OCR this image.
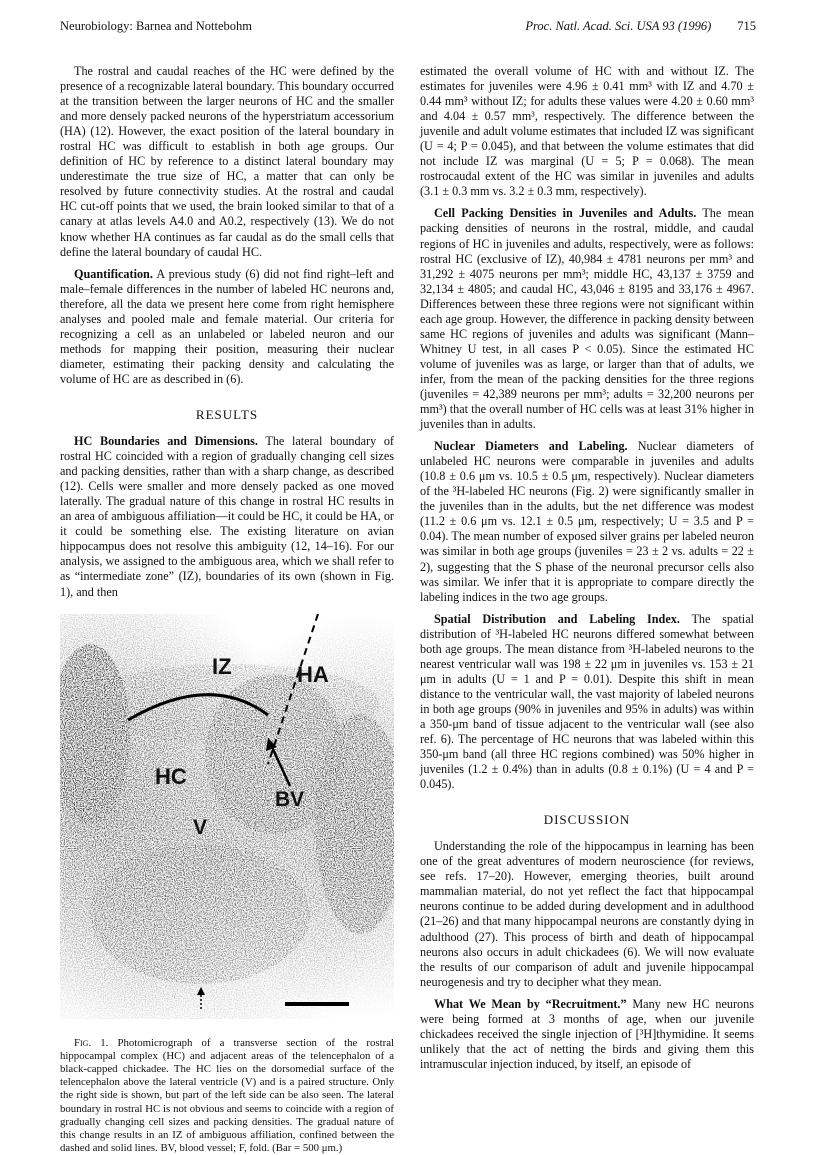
Neurobiology: Barnea and Nottebohm	Proc. Natl. Acad. Sci. USA 93 (1996) 715

The rostral and caudal reaches of the HC were defined by the presence of a recognizable lateral boundary. This boundary occurred at the transition between the larger neurons of HC and the smaller and more densely packed neurons of the hyperstriatum accessorium (HA) (12). However, the exact position of the lateral boundary in rostral HC was difficult to establish in both age groups. Our definition of HC by reference to a distinct lateral boundary may underestimate the true size of HC, a matter that can only be resolved by future connectivity studies. At the rostral and caudal HC cut-off points that we used, the brain looked similar to that of a canary at atlas levels A4.0 and A0.2, respectively (13). We do not know whether HA continues as far caudal as do the small cells that define the lateral boundary of caudal HC.

Quantification. A previous study (6) did not find right–left and male–female differences in the number of labeled HC neurons and, therefore, all the data we present here come from right hemisphere analyses and pooled male and female material. Our criteria for recognizing a cell as an unlabeled or labeled neuron and our methods for mapping their position, measuring their nuclear diameter, estimating their packing density and calculating the volume of HC are as described in (6).

RESULTS

HC Boundaries and Dimensions. The lateral boundary of rostral HC coincided with a region of gradually changing cell sizes and packing densities, rather than with a sharp change, as described (12). Cells were smaller and more densely packed as one moved laterally. The gradual nature of this change in rostral HC results in an area of ambiguous affiliation—it could be HC, it could be HA, or it could be something else. The existing literature on avian hippocampus does not resolve this ambiguity (12, 14–16). For our analysis, we assigned to the ambiguous area, which we shall refer to as “intermediate zone” (IZ), boundaries of its own (shown in Fig. 1), and then

IZ	HA
HC
BV
V

Fig. 1. Photomicrograph of a transverse section of the rostral hippocampal complex (HC) and adjacent areas of the telencephalon of a black-capped chickadee. The HC lies on the dorsomedial surface of the telencephalon above the lateral ventricle (V) and is a paired structure. Only the right side is shown, but part of the left side can be also seen. The lateral boundary in rostral HC is not obvious and seems to coincide with a region of gradually changing cell sizes and packing densities. The gradual nature of this change results in an IZ of ambiguous affiliation, confined between the dashed and solid lines. BV, blood vessel; F, fold. (Bar = 500 μm.)

estimated the overall volume of HC with and without IZ. The estimates for juveniles were 4.96 ± 0.41 mm³ with IZ and 4.70 ± 0.44 mm³ without IZ; for adults these values were 4.20 ± 0.60 mm³ and 4.04 ± 0.57 mm³, respectively. The difference between the juvenile and adult volume estimates that included IZ was significant (U = 4; P = 0.045), and that between the volume estimates that did not include IZ was marginal (U = 5; P = 0.068). The mean rostrocaudal extent of the HC was similar in juveniles and adults (3.1 ± 0.3 mm vs. 3.2 ± 0.3 mm, respectively).

Cell Packing Densities in Juveniles and Adults. The mean packing densities of neurons in the rostral, middle, and caudal regions of HC in juveniles and adults, respectively, were as follows: rostral HC (exclusive of IZ), 40,984 ± 4781 neurons per mm³ and 31,292 ± 4075 neurons per mm³; middle HC, 43,137 ± 3759 and 32,134 ± 4805; and caudal HC, 43,046 ± 8195 and 33,176 ± 4967. Differences between these three regions were not significant within each age group. However, the difference in packing density between same HC regions of juveniles and adults was significant (Mann–Whitney U test, in all cases P < 0.05). Since the estimated HC volume of juveniles was as large, or larger than that of adults, we infer, from the mean of the packing densities for the three regions (juveniles = 42,389 neurons per mm³; adults = 32,200 neurons per mm³) that the overall number of HC cells was at least 31% higher in juveniles than in adults.

Nuclear Diameters and Labeling. Nuclear diameters of unlabeled HC neurons were comparable in juveniles and adults (10.8 ± 0.6 μm vs. 10.5 ± 0.5 μm, respectively). Nuclear diameters of the ³H-labeled HC neurons (Fig. 2) were significantly smaller in the juveniles than in the adults, but the net difference was modest (11.2 ± 0.6 μm vs. 12.1 ± 0.5 μm, respectively; U = 3.5 and P = 0.04). The mean number of exposed silver grains per labeled neuron was similar in both age groups (juveniles = 23 ± 2 vs. adults = 22 ± 2), suggesting that the S phase of the neuronal precursor cells also was similar. We infer that it is appropriate to compare directly the labeling indices in the two age groups.

Spatial Distribution and Labeling Index. The spatial distribution of ³H-labeled HC neurons differed somewhat between both age groups. The mean distance from ³H-labeled neurons to the nearest ventricular wall was 198 ± 22 μm in juveniles vs. 153 ± 21 μm in adults (U = 1 and P = 0.01). Despite this shift in mean distance to the ventricular wall, the vast majority of labeled neurons in both age groups (90% in juveniles and 95% in adults) was within a 350-μm band of tissue adjacent to the ventricular wall (see also ref. 6). The percentage of HC neurons that was labeled within this 350-μm band (all three HC regions combined) was 50% higher in juveniles (1.2 ± 0.4%) than in adults (0.8 ± 0.1%) (U = 4 and P = 0.045).

DISCUSSION

Understanding the role of the hippocampus in learning has been one of the great adventures of modern neuroscience (for reviews, see refs. 17–20). However, emerging theories, built around mammalian material, do not yet reflect the fact that hippocampal neurons continue to be added during development and in adulthood (21–26) and that many hippocampal neurons are constantly dying in adulthood (27). This process of birth and death of hippocampal neurons also occurs in adult chickadees (6). We will now evaluate the results of our comparison of adult and juvenile hippocampal neurogenesis and try to decipher what they mean.

What We Mean by “Recruitment.” Many new HC neurons were being formed at 3 months of age, when our juvenile chickadees received the single injection of [³H]thymidine. It seems unlikely that the act of netting the birds and giving them this intramuscular injection induced, by itself, an episode of
